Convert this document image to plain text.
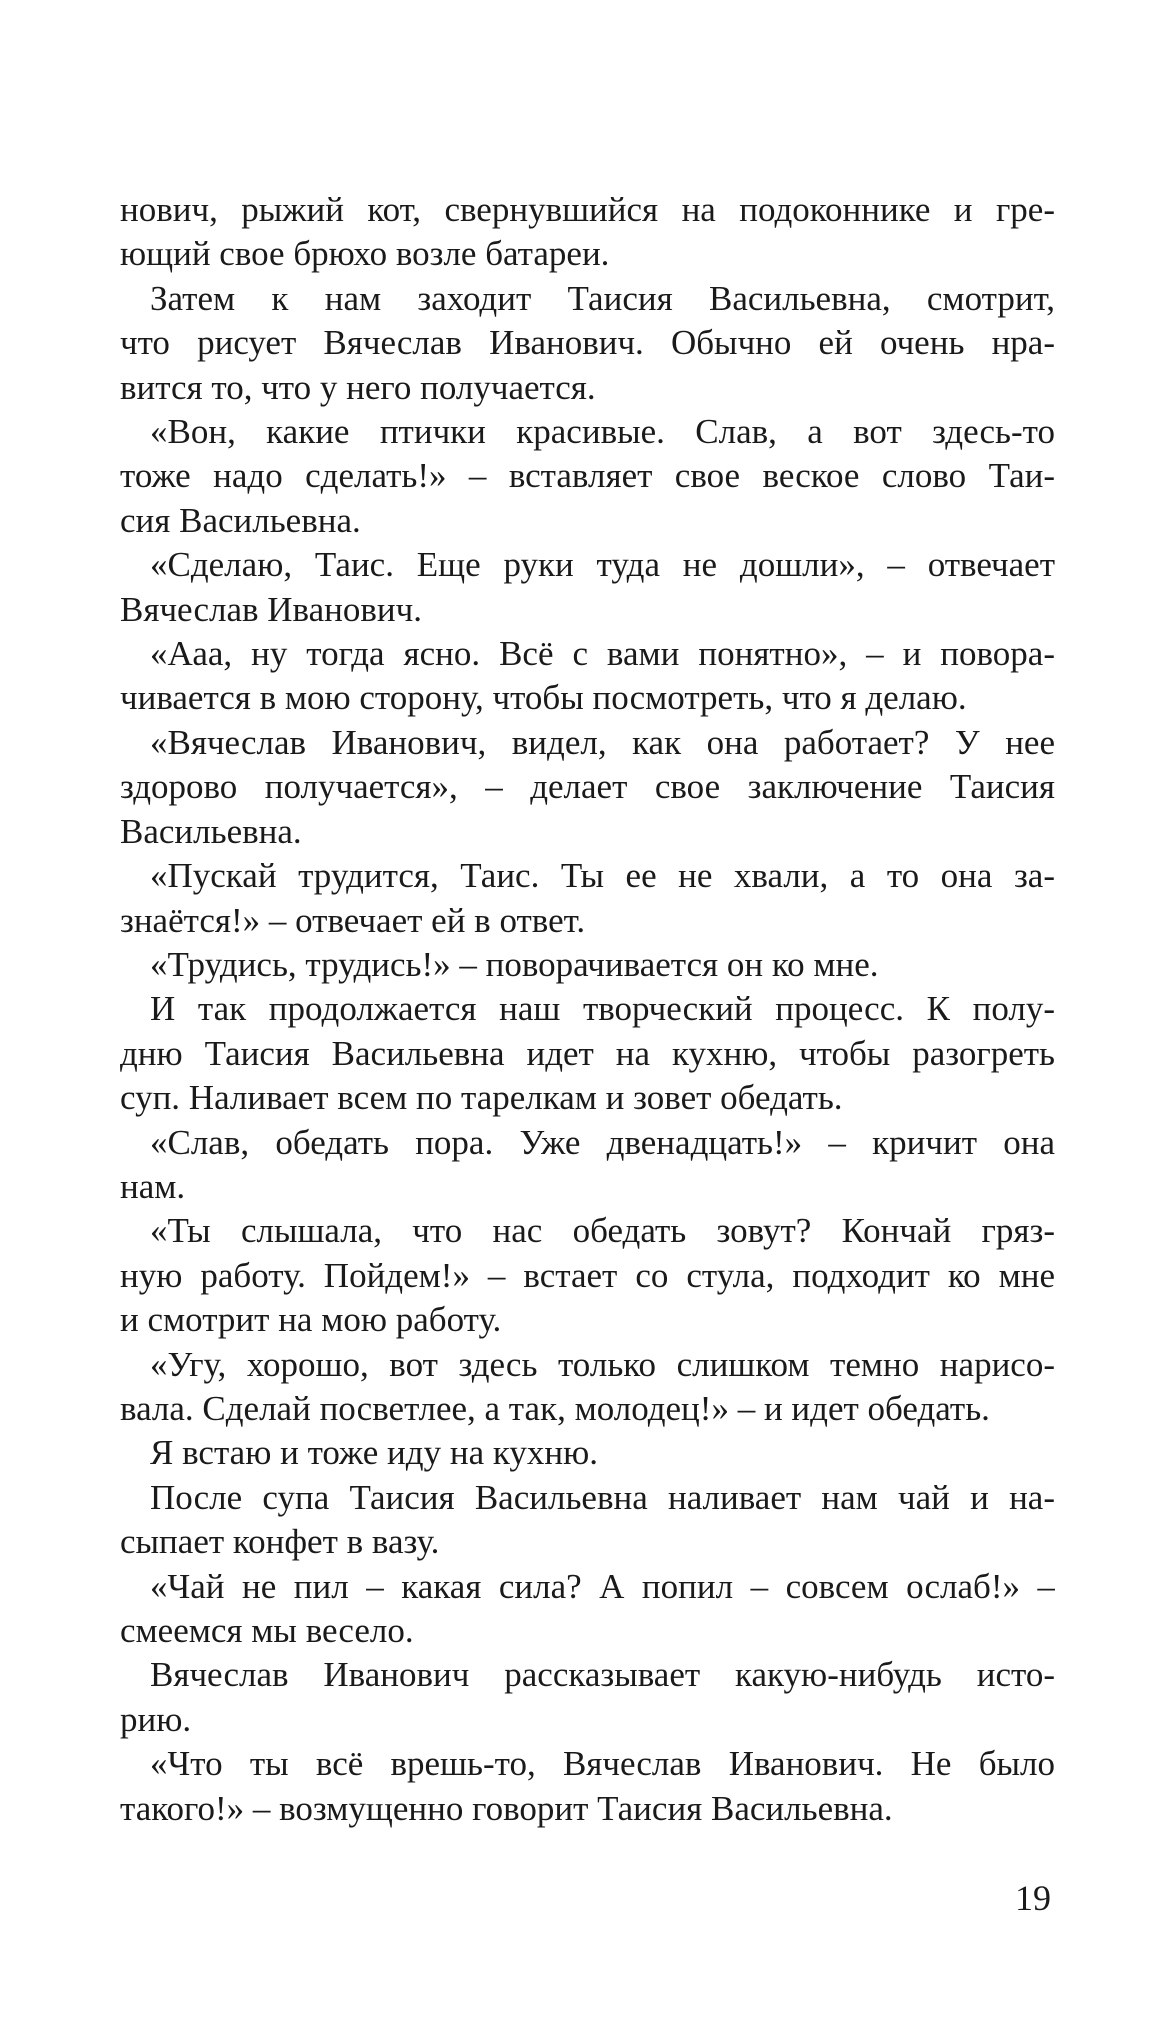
нович, рыжий кот, свернувшийся на подоконнике и гре-
ющий свое брюхо возле батареи.
Затем к нам заходит Таисия Васильевна, смотрит,
что рисует Вячеслав Иванович. Обычно ей очень нра-
вится то, что у него получается.
«Вон, какие птички красивые. Слав, а вот здесь-то
тоже надо сделать!» – вставляет свое веское слово Таи-
сия Васильевна.
«Сделаю, Таис. Еще руки туда не дошли», – отвечает
Вячеслав Иванович.
«Ааа, ну тогда ясно. Всё с вами понятно», – и повора-
чивается в мою сторону, чтобы посмотреть, что я делаю.
«Вячеслав Иванович, видел, как она работает? У нее
здорово получается», – делает свое заключение Таисия
Васильевна.
«Пускай трудится, Таис. Ты ее не хвали, а то она за-
знаётся!» – отвечает ей в ответ.
«Трудись, трудись!» – поворачивается он ко мне.
И так продолжается наш творческий процесс. К полу-
дню Таисия Васильевна идет на кухню, чтобы разогреть
суп. Наливает всем по тарелкам и зовет обедать.
«Слав, обедать пора. Уже двенадцать!» – кричит она
нам.
«Ты слышала, что нас обедать зовут? Кончай гряз-
ную работу. Пойдем!» – встает со стула, подходит ко мне
и смотрит на мою работу.
«Угу, хорошо, вот здесь только слишком темно нарисо-
вала. Сделай посветлее, а так, молодец!» – и идет обедать.
Я встаю и тоже иду на кухню.
После супа Таисия Васильевна наливает нам чай и на-
сыпает конфет в вазу.
«Чай не пил – какая сила? А попил – совсем ослаб!» –
смеемся мы весело.
Вячеслав Иванович рассказывает какую-нибудь исто-
рию.
«Что ты всё врешь-то, Вячеслав Иванович. Не было
такого!» – возмущенно говорит Таисия Васильевна.
19
